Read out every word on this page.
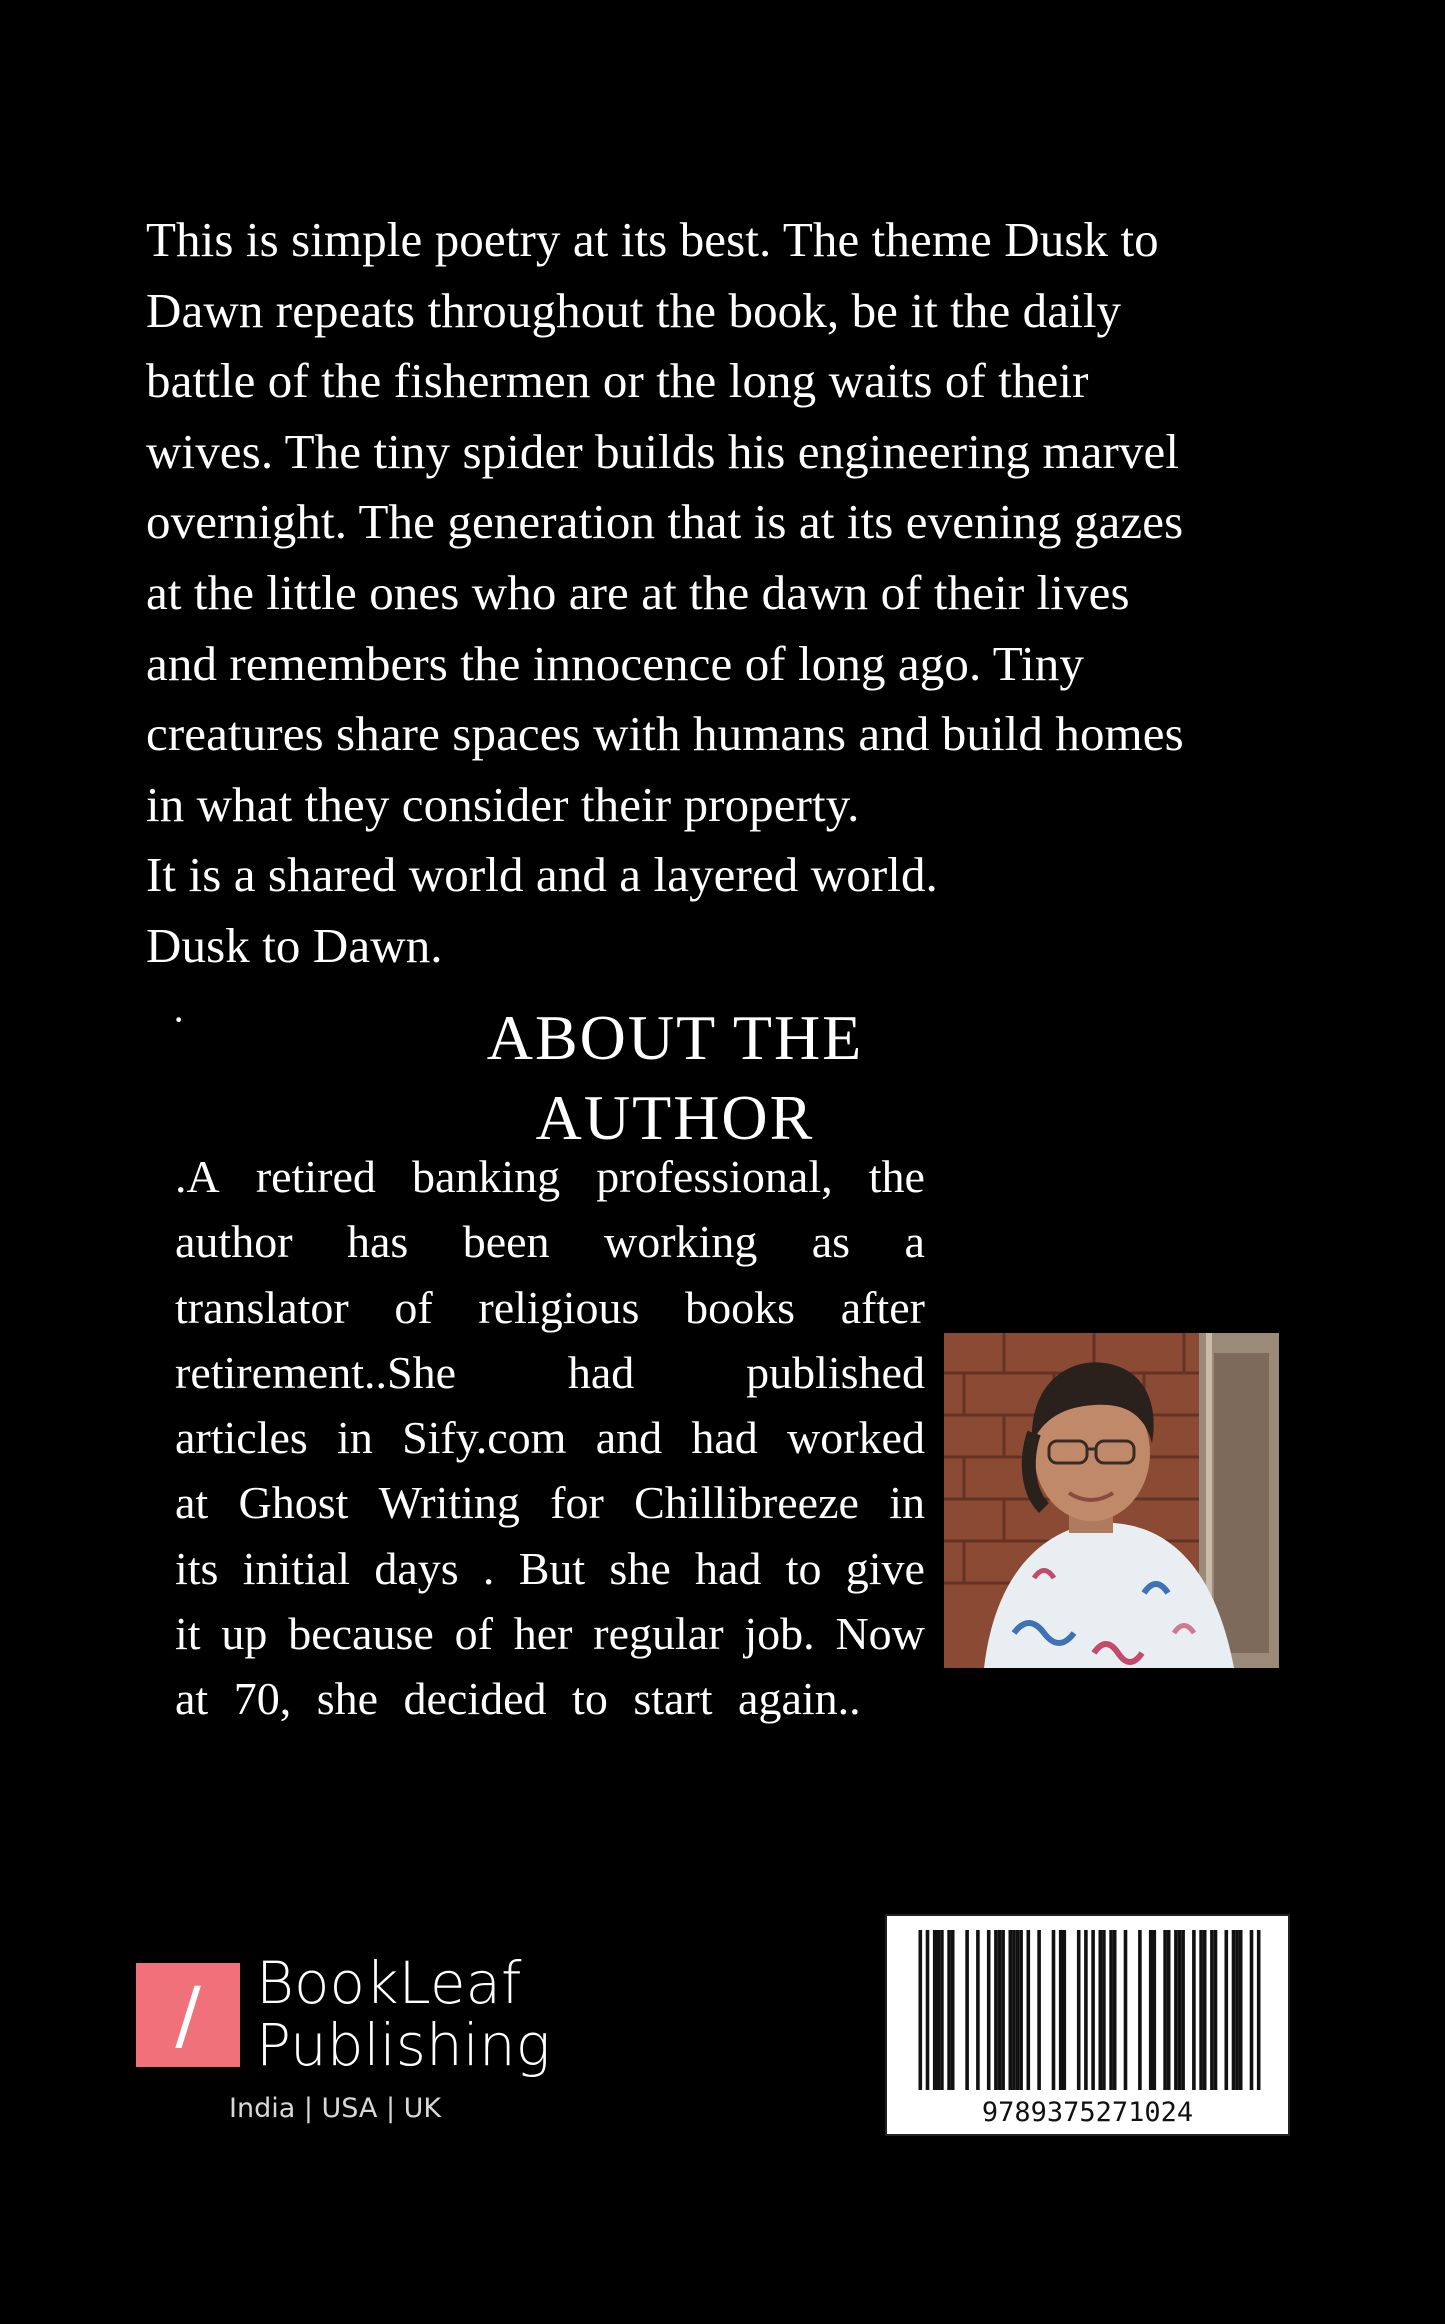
This is simple poetry at its best. The theme Dusk to
Dawn repeats throughout the book, be it the daily
battle of the fishermen or the long waits of their
wives. The tiny spider builds his engineering marvel
overnight. The generation that is at its evening gazes
at the little ones who are at the dawn of their lives
and remembers the innocence of long ago. Tiny
creatures share spaces with humans and build homes
in what they consider their property.
It is a shared world and a layered world.
Dusk to Dawn.
·	ABOUT THE
AUTHOR
.A retired banking professional, the
author has been working as a
translator of religious books after
retirement..She had published
articles in Sify.com and had worked
at Ghost Writing for Chillibreeze in
its initial days . But she had to give
it up because of her regular job. Now
at 70, she decided to start again..
/ BookLeaf
Publishing
India | USA | UK	9789375271024
